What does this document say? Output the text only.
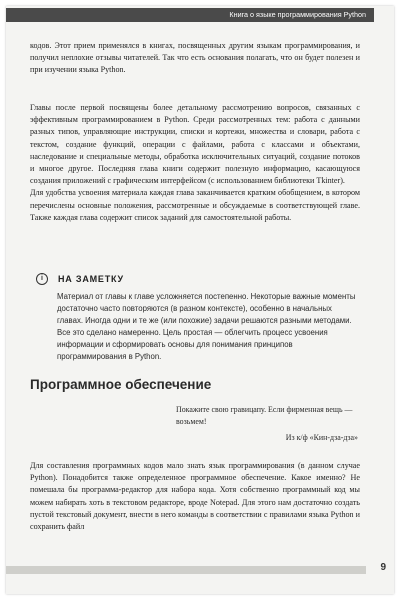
Книга о языке программирования Python

кодов. Этот прием применялся в книгах, посвященных другим языкам программирования, и получил неплохие отзывы читателей. Так что есть основания полагать, что он будет полезен и при изучении языка Python.

Главы после первой посвящены более детальному рассмотрению вопросов, связанных с эффективным программированием в Python. Среди рассмотренных тем: работа с данными разных типов, управляющие инструкции, списки и кортежи, множества и словари, работа с текстом, создание функций, операции с файлами, работа с классами и объектами, наследование и специальные методы, обработка исключительных ситуаций, создание потоков и многое другое. Последняя глава книги содержит полезную информацию, касающуюся создания приложений с графическим интерфейсом (с использованием библиотеки Tkinter).

Для удобства усвоения материала каждая глава заканчивается кратким обобщением, в котором перечислены основные положения, рассмотренные и обсуждаемые в соответствующей главе. Также каждая глава содержит список заданий для самостоятельной работы.

i	НА ЗАМЕТКУ

Материал от главы к главе усложняется постепенно. Некоторые важные моменты достаточно часто повторяются (в разном контексте), особенно в начальных главах. Иногда одни и те же (или похожие) задачи решаются разными методами. Все это сделано намеренно. Цель простая — облегчить процесс усвоения информации и сформировать основы для понимания принципов программирования в Python.

Программное обеспечение
Покажите свою гравицапу. Если фирменная вещь — возьмем!
Из к/ф «Кин-дза-дза»

Для составления программных кодов мало знать язык программирования (в данном случае Python). Понадобится также определенное программное обеспечение. Какое именно? Не помешала бы программа-редактор для набора кода. Хотя собственно программный код мы можем набирать хоть в текстовом редакторе, вроде Notepad. Для этого нам достаточно создать пустой текстовый документ, внести в него команды в соответствии с правилами языка Python и сохранить файл

9
